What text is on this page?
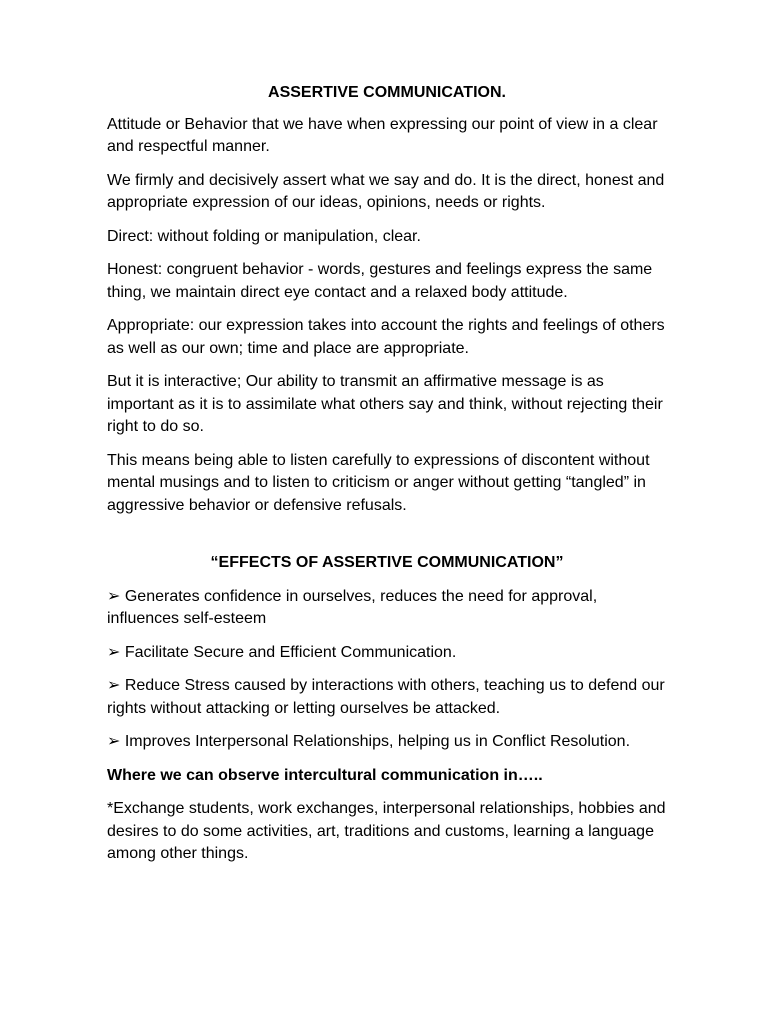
ASSERTIVE COMMUNICATION.
Attitude or Behavior that we have when expressing our point of view in a clear and respectful manner.
We firmly and decisively assert what we say and do. It is the direct, honest and appropriate expression of our ideas, opinions, needs or rights.
Direct: without folding or manipulation, clear.
Honest: congruent behavior - words, gestures and feelings express the same thing, we maintain direct eye contact and a relaxed body attitude.
Appropriate: our expression takes into account the rights and feelings of others as well as our own; time and place are appropriate.
But it is interactive; Our ability to transmit an affirmative message is as important as it is to assimilate what others say and think, without rejecting their right to do so.
This means being able to listen carefully to expressions of discontent without mental musings and to listen to criticism or anger without getting “tangled” in aggressive behavior or defensive refusals.
“EFFECTS OF ASSERTIVE COMMUNICATION”
➢ Generates confidence in ourselves, reduces the need for approval, influences self-esteem
➢ Facilitate Secure and Efficient Communication.
➢ Reduce Stress caused by interactions with others, teaching us to defend our rights without attacking or letting ourselves be attacked.
➢ Improves Interpersonal Relationships, helping us in Conflict Resolution.
Where we can observe intercultural communication in…..
*Exchange students, work exchanges, interpersonal relationships, hobbies and desires to do some activities, art, traditions and customs, learning a language among other things.
